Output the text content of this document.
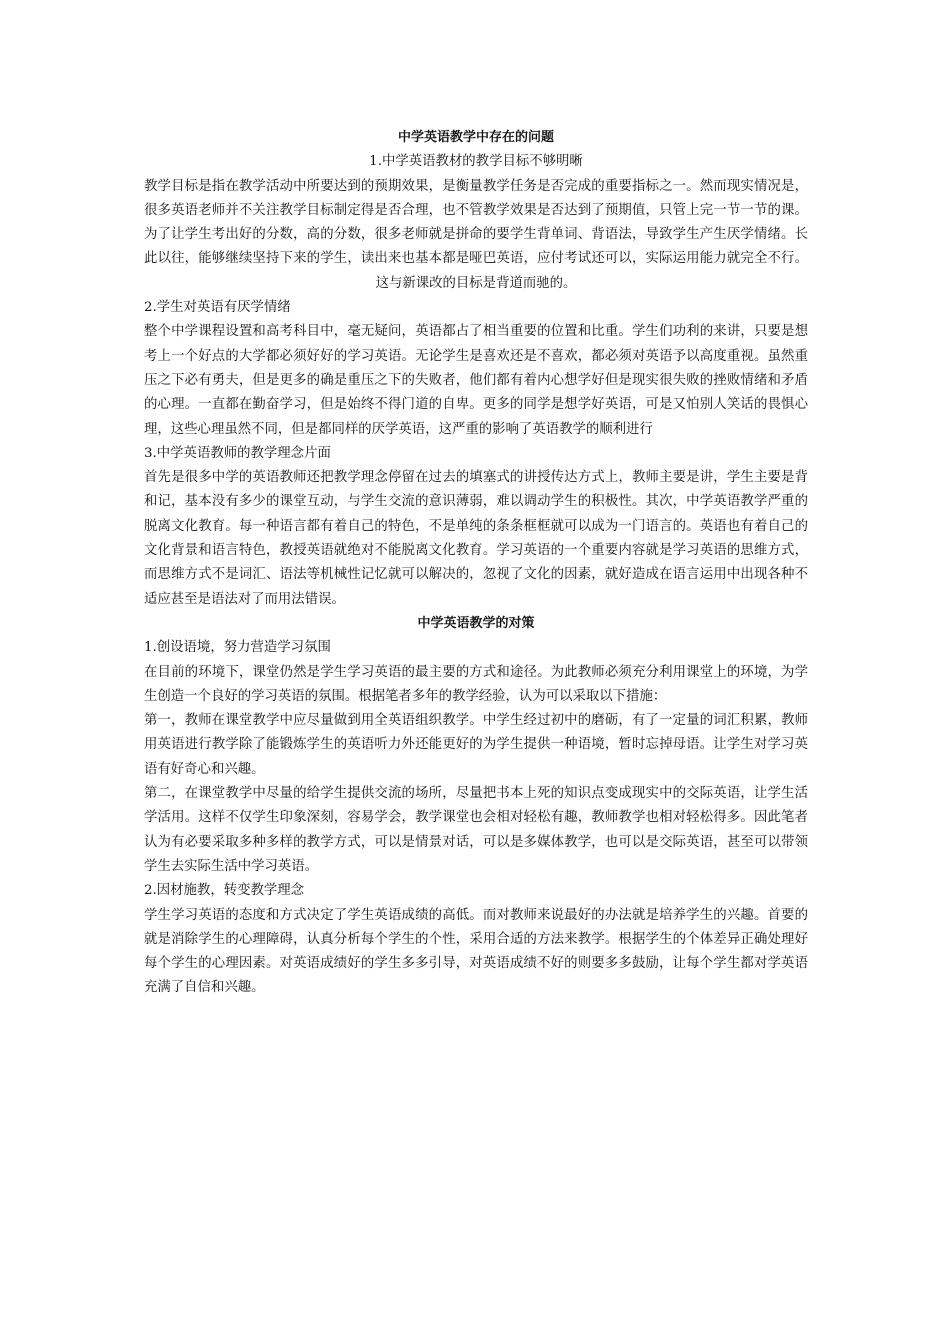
中学英语教学中存在的问题
1.中学英语教材的教学目标不够明晰
教学目标是指在教学活动中所要达到的预期效果，是衡量教学任务是否完成的重要指标之一。然而现实情况是，很多英语老师并不关注教学目标制定得是否合理，也不管教学效果是否达到了预期值，只管上完一节一节的课。为了让学生考出好的分数，高的分数，很多老师就是拼命的要学生背单词、背语法，导致学生产生厌学情绪。长此以往，能够继续坚持下来的学生，读出来也基本都是哑巴英语，应付考试还可以，实际运用能力就完全不行。这与新课改的目标是背道而驰的。
2.学生对英语有厌学情绪
整个中学课程设置和高考科目中，毫无疑问，英语都占了相当重要的位置和比重。学生们功利的来讲，只要是想考上一个好点的大学都必须好好的学习英语。无论学生是喜欢还是不喜欢，都必须对英语予以高度重视。虽然重压之下必有勇夫，但是更多的确是重压之下的失败者，他们都有着内心想学好但是现实很失败的挫败情绪和矛盾的心理。一直都在勤奋学习，但是始终不得门道的自卑。更多的同学是想学好英语，可是又怕别人笑话的畏惧心理，这些心理虽然不同，但是都同样的厌学英语，这严重的影响了英语教学的顺利进行
3.中学英语教师的教学理念片面
首先是很多中学的英语教师还把教学理念停留在过去的填塞式的讲授传达方式上，教师主要是讲，学生主要是背和记，基本没有多少的课堂互动，与学生交流的意识薄弱，难以调动学生的积极性。其次，中学英语教学严重的脱离文化教育。每一种语言都有着自己的特色，不是单纯的条条框框就可以成为一门语言的。英语也有着自己的文化背景和语言特色，教授英语就绝对不能脱离文化教育。学习英语的一个重要内容就是学习英语的思维方式，而思维方式不是词汇、语法等机械性记忆就可以解决的，忽视了文化的因素，就好造成在语言运用中出现各种不适应甚至是语法对了而用法错误。
中学英语教学的对策
1.创设语境，努力营造学习氛围
在目前的环境下，课堂仍然是学生学习英语的最主要的方式和途径。为此教师必须充分利用课堂上的环境，为学生创造一个良好的学习英语的氛围。根据笔者多年的教学经验，认为可以采取以下措施：
第一，教师在课堂教学中应尽量做到用全英语组织教学。中学生经过初中的磨砺，有了一定量的词汇积累，教师用英语进行教学除了能锻炼学生的英语听力外还能更好的为学生提供一种语境，暂时忘掉母语。让学生对学习英语有好奇心和兴趣。
第二，在课堂教学中尽量的给学生提供交流的场所，尽量把书本上死的知识点变成现实中的交际英语，让学生活学活用。这样不仅学生印象深刻，容易学会，教学课堂也会相对轻松有趣，教师教学也相对轻松得多。因此笔者认为有必要采取多种多样的教学方式，可以是情景对话，可以是多媒体教学，也可以是交际英语，甚至可以带领学生去实际生活中学习英语。
2.因材施教，转变教学理念
学生学习英语的态度和方式决定了学生英语成绩的高低。而对教师来说最好的办法就是培养学生的兴趣。首要的就是消除学生的心理障碍，认真分析每个学生的个性，采用合适的方法来教学。根据学生的个体差异正确处理好每个学生的心理因素。对英语成绩好的学生多多引导，对英语成绩不好的则要多多鼓励，让每个学生都对学英语充满了自信和兴趣。
